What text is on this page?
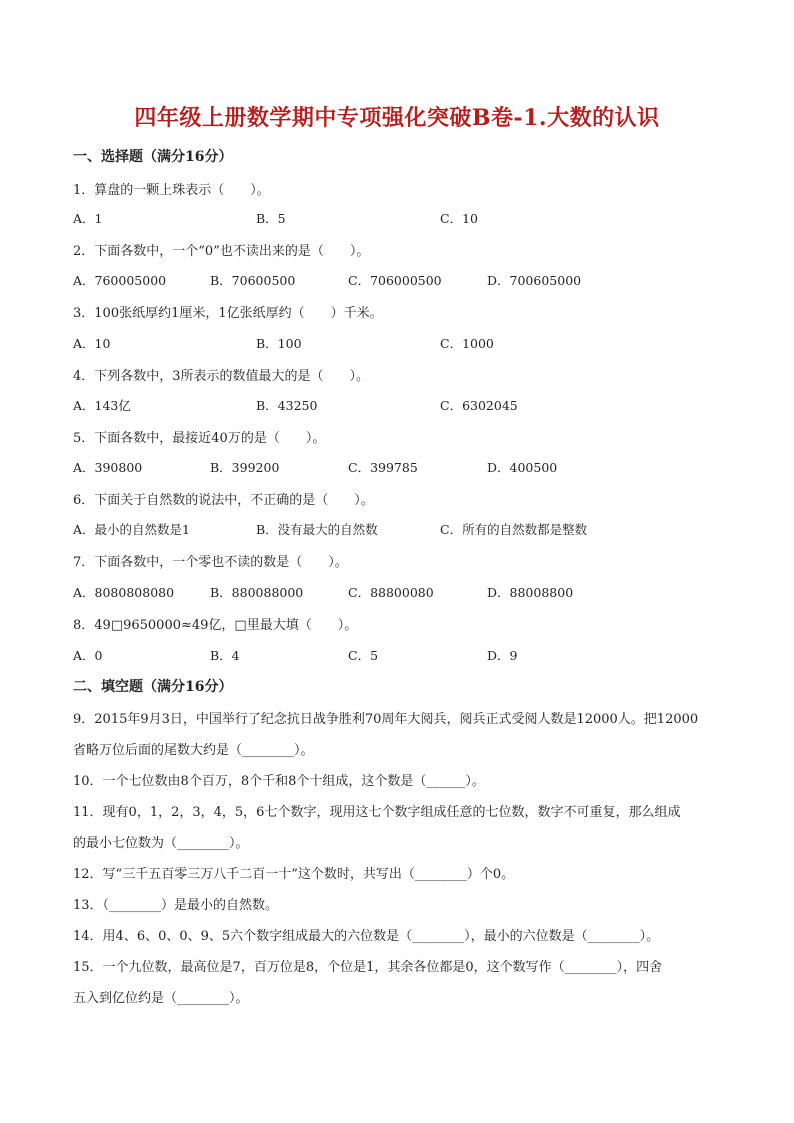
四年级上册数学期中专项强化突破B卷-1.大数的认识
一、选择题（满分16分）
1．算盘的一颗上珠表示（　　）。
A．1	B．5	C．10
2．下面各数中，一个“0”也不读出来的是（　　）。
A．760005000	B．70600500	C．706000500	D．700605000
3．100张纸厚约1厘米，1亿张纸厚约（　　）千米。
A．10	B．100	C．1000
4．下列各数中，3所表示的数值最大的是（　　）。
A．143亿	B．43250	C．6302045
5．下面各数中，最接近40万的是（　　）。
A．390800	B．399200	C．399785	D．400500
6．下面关于自然数的说法中，不正确的是（　　）。
A．最小的自然数是1	B．没有最大的自然数	C．所有的自然数都是整数
7．下面各数中，一个零也不读的数是（　　）。
A．8080808080	B．880088000	C．88800080	D．88008800
8．49□9650000≈49亿，□里最大填（　　）。
A．0	B．4	C．5	D．9
二、填空题（满分16分）
9．2015年9月3日，中国举行了纪念抗日战争胜利70周年大阅兵，阅兵正式受阅人数是12000人。把12000
省略万位后面的尾数大约是（________）。
10．一个七位数由8个百万，8个千和8个十组成，这个数是（______）。
11．现有0，1，2，3，4，5，6七个数字，现用这七个数字组成任意的七位数，数字不可重复，那么组成
的最小七位数为（________）。
12．写“三千五百零三万八千二百一十”这个数时，共写出（________）个0。
13．（________）是最小的自然数。
14．用4、6、0、0、9、5六个数字组成最大的六位数是（________），最小的六位数是（________）。
15．一个九位数，最高位是7，百万位是8，个位是1，其余各位都是0，这个数写作（________），四舍
五入到亿位约是（________）。
